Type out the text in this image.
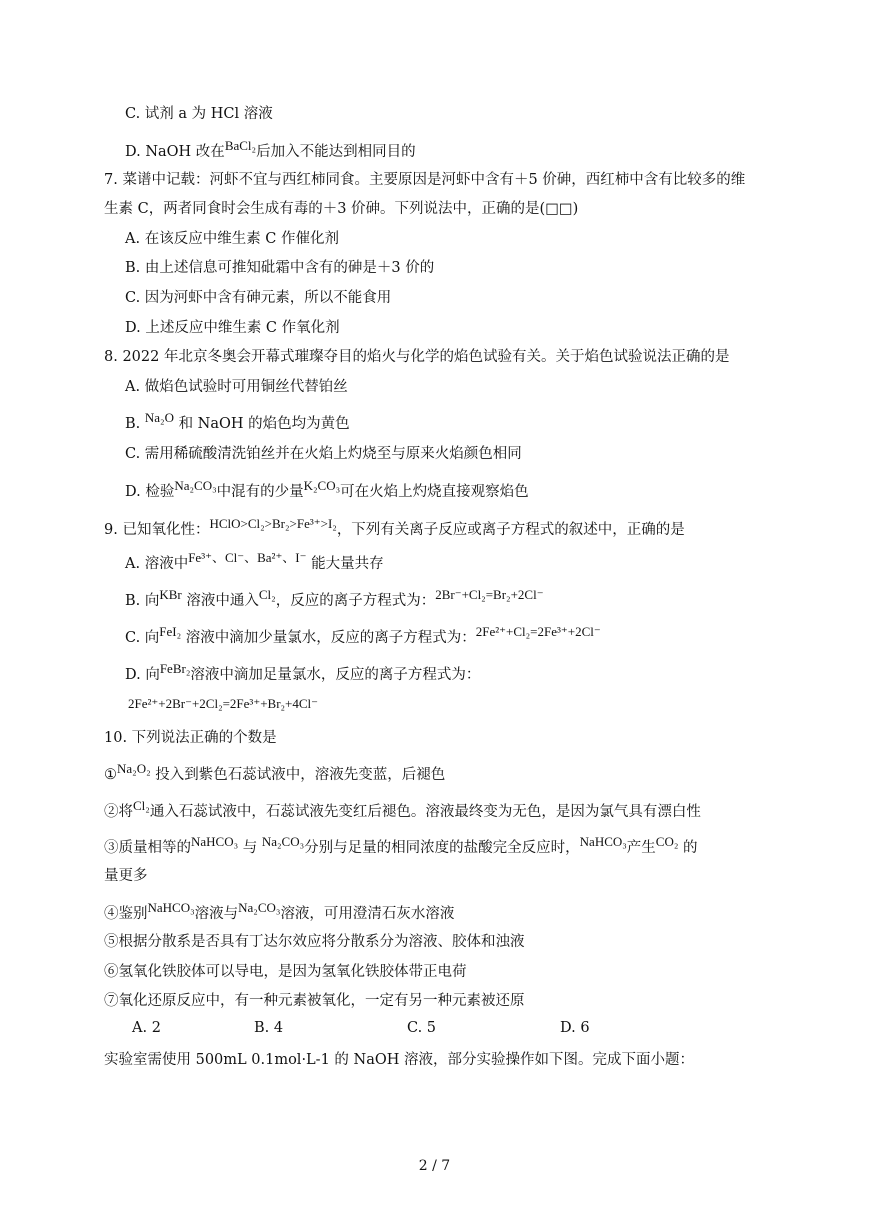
C. 试剂 a 为 HCl 溶液
D. NaOH 改在BaCl₂后加入不能达到相同目的
7. 菜谱中记载：河虾不宜与西红柿同食。主要原因是河虾中含有＋5 价砷，西红柿中含有比较多的维
生素 C，两者同食时会生成有毒的＋3 价砷。下列说法中，正确的是(□□)
A. 在该反应中维生素 C 作催化剂
B. 由上述信息可推知砒霜中含有的砷是＋3 价的
C. 因为河虾中含有砷元素，所以不能食用
D. 上述反应中维生素 C 作氧化剂
8. 2022 年北京冬奥会开幕式璀璨夺目的焰火与化学的焰色试验有关。关于焰色试验说法正确的是
A. 做焰色试验时可用铜丝代替铂丝
B. Na₂O 和 NaOH 的焰色均为黄色
C. 需用稀硫酸清洗铂丝并在火焰上灼烧至与原来火焰颜色相同
D. 检验Na₂CO₃中混有的少量K₂CO₃可在火焰上灼烧直接观察焰色
9. 已知氧化性：HClO>Cl₂>Br₂>Fe³⁺>I₂，下列有关离子反应或离子方程式的叙述中，正确的是
A. 溶液中Fe³⁺、Cl⁻、Ba²⁺、I⁻ 能大量共存
B. 向KBr 溶液中通入Cl₂，反应的离子方程式为：2Br⁻+Cl₂=Br₂+2Cl⁻
C. 向FeI₂ 溶液中滴加少量氯水，反应的离子方程式为：2Fe²⁺+Cl₂=2Fe³⁺+2Cl⁻
D. 向FeBr₂溶液中滴加足量氯水，反应的离子方程式为：
2Fe²⁺+2Br⁻+2Cl₂=2Fe³⁺+Br₂+4Cl⁻
10. 下列说法正确的个数是
①Na₂O₂ 投入到紫色石蕊试液中，溶液先变蓝，后褪色
②将Cl₂通入石蕊试液中，石蕊试液先变红后褪色。溶液最终变为无色，是因为氯气具有漂白性
③质量相等的NaHCO₃ 与 Na₂CO₃分别与足量的相同浓度的盐酸完全反应时，NaHCO₃产生CO₂ 的
量更多
④鉴别NaHCO₃溶液与Na₂CO₃溶液，可用澄清石灰水溶液
⑤根据分散系是否具有丁达尔效应将分散系分为溶液、胶体和浊液
⑥氢氧化铁胶体可以导电，是因为氢氧化铁胶体带正电荷
⑦氧化还原反应中，有一种元素被氧化，一定有另一种元素被还原
A. 2	B. 4	C. 5	D. 6
实验室需使用 500mL 0.1mol·L-1 的 NaOH 溶液，部分实验操作如下图。完成下面小题：
2 / 7
